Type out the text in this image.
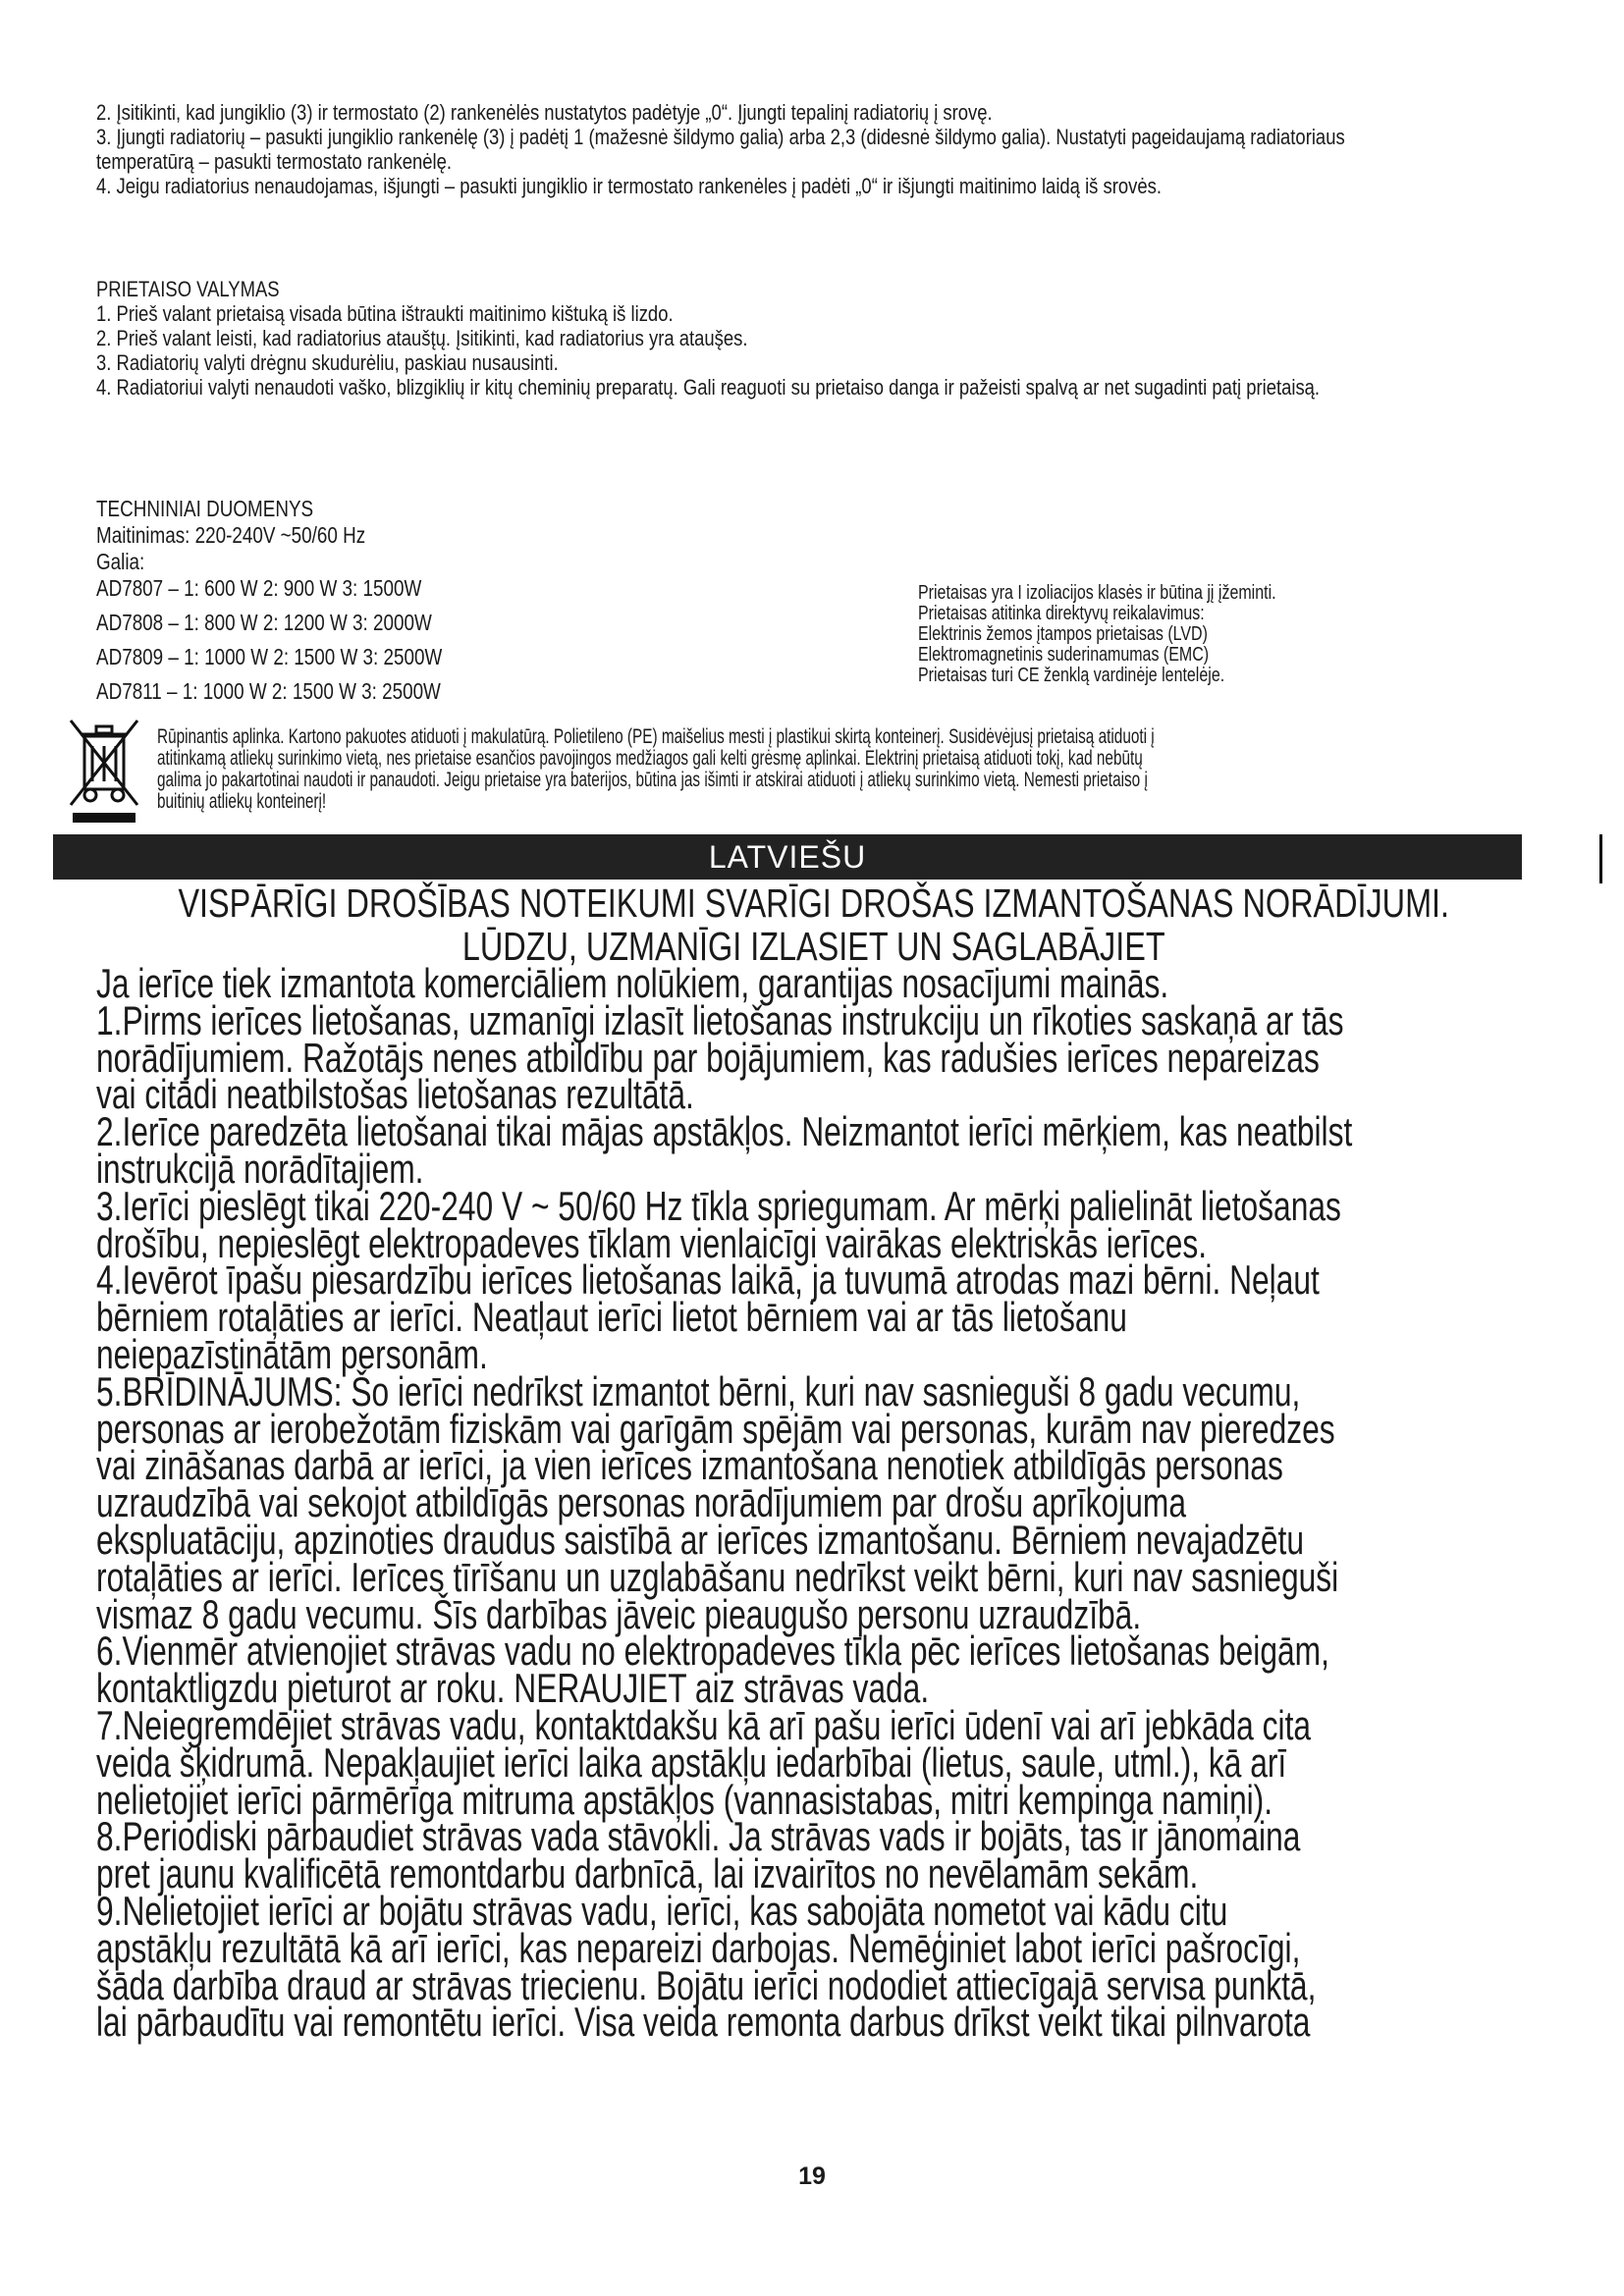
2. Įsitikinti, kad jungiklio (3) ir termostato (2) rankenėlės nustatytos padėtyje „0“. Įjungti tepalinį radiatorių į srovę.

3. Įjungti radiatorių – pasukti jungiklio rankenėlę (3) į padėtį 1 (mažesnė šildymo galia) arba 2,3 (didesnė šildymo galia). Nustatyti pageidaujamą radiatoriaus temperatūrą – pasukti termostato rankenėlę.

4. Jeigu radiatorius nenaudojamas, išjungti – pasukti jungiklio ir termostato rankenėles į padėti „0“ ir išjungti maitinimo laidą iš srovės.

PRIETAISO VALYMAS

1. Prieš valant prietaisą visada būtina ištraukti maitinimo kištuką iš lizdo.

2. Prieš valant leisti, kad radiatorius ataušt̨ų. Įsitikinti, kad radiatorius yra atauš̨es.

3. Radiatorių valyti drėgnu skudurėliu, paskiau nusausinti.

4. Radiatoriui valyti nenaudoti vaško, blizgiklių ir kitų cheminių preparatų. Gali reaguoti su prietaiso danga ir pažeisti spalvą ar net sugadinti patį prietaisą.

TECHNINIAI DUOMENYS

Maitinimas: 220-240V ~50/60 Hz

Galia:

AD7807 – 1: 600 W 2: 900 W 3: 1500W

AD7808 – 1: 800 W 2: 1200 W 3: 2000W

AD7809 – 1: 1000 W 2: 1500 W 3: 2500W

AD7811 – 1: 1000 W 2: 1500 W 3: 2500W

Prietaisas yra I izoliacijos klasės ir būtina jį įžeminti.

Prietaisas atitinka direktyvų reikalavimus:

Elektrinis žemos įtampos prietaisas (LVD)

Elektromagnetinis suderinamumas (EMC)

Prietaisas turi CE ženklą vardinėje lentelėje.

Rūpinantis aplinka. Kartono pakuotes atiduoti į makulatūrą. Polietileno (PE) maišelius mesti į plastikui skirtą konteinerį. Susidėvėjusį prietaisą atiduoti į
atitinkamą atliekų surinkimo vietą, nes prietaise esančios pavojingos medžiagos gali kelti grėsmę aplinkai. Elektrinį prietaisą atiduoti tokį, kad nebūtų
galima jo pakartotinai naudoti ir panaudoti. Jeigu prietaise yra baterijos, būtina jas išimti ir atskirai atiduoti į atliekų surinkimo vietą. Nemesti prietaiso į
buitinių atliekų konteinerį!
LATVIEŠU

VISPĀRĪGI DROŠĪBAS NOTEIKUMI SVARĪGI DROŠAS IZMANTOŠANAS NORĀDĪJUMI.

LŪDZU, UZMANĪGI IZLASIET UN SAGLABĀJIET

Ja ierīce tiek izmantota komerciāliem nolūkiem, garantijas nosacījumi mainās.

1.Pirms ierīces lietošanas, uzmanīgi izlasīt lietošanas instrukciju un rīkoties saskaņā ar tās

norādījumiem. Ražotājs nenes atbildību par bojājumiem, kas radušies ierīces nepareizas

vai citādi neatbilstošas lietošanas rezultātā.

2.Ierīce paredzēta lietošanai tikai mājas apstākļos. Neizmantot ierīci mērķiem, kas neatbilst

instrukcijā norādītajiem.

3.Ierīci pieslēgt tikai 220-240 V ~ 50/60 Hz tīkla spriegumam. Ar mērķi palielināt lietošanas

drošību, nepieslēgt elektropadeves tīklam vienlaicīgi vairākas elektriskās ierīces.

4.Ievērot īpašu piesardzību ierīces lietošanas laikā, ja tuvumā atrodas mazi bērni. Neļaut

bērniem rotaļāties ar ierīci. Neatļaut ierīci lietot bērniem vai ar tās lietošanu

neiepazīstinātām personām.

5.BRĪDINĀJUMS: Šo ierīci nedrīkst izmantot bērni, kuri nav sasnieguši 8 gadu vecumu,

personas ar ierobežotām fiziskām vai garīgām spējām vai personas, kurām nav pieredzes

vai zināšanas darbā ar ierīci, ja vien ierīces izmantošana nenotiek atbildīgās personas

uzraudzībā vai sekojot atbildīgās personas norādījumiem par drošu aprīkojuma

ekspluatāciju, apzinoties draudus saistībā ar ierīces izmantošanu. Bērniem nevajadzētu

rotaļāties ar ierīci. Ierīces tīrīšanu un uzglabāšanu nedrīkst veikt bērni, kuri nav sasnieguši

vismaz 8 gadu vecumu. Šīs darbības jāveic pieaugušo personu uzraudzībā.

6.Vienmēr atvienojiet strāvas vadu no elektropadeves tīkla pēc ierīces lietošanas beigām,

kontaktligzdu pieturot ar roku. NERAUJIET aiz strāvas vada.

7.Neiegremdējiet strāvas vadu, kontaktdakšu kā arī pašu ierīci ūdenī vai arī jebkāda cita

veida šķidrumā. Nepakļaujiet ierīci laika apstākļu iedarbībai (lietus, saule, utml.), kā arī

nelietojiet ierīci pārmērīga mitruma apstākļos (vannasistabas, mitri kempinga namiņi).

8.Periodiski pārbaudiet strāvas vada stāvokli. Ja strāvas vads ir bojāts, tas ir jānomaina

pret jaunu kvalificētā remontdarbu darbnīcā, lai izvairītos no nevēlamām sekām.

9.Nelietojiet ierīci ar bojātu strāvas vadu, ierīci, kas sabojāta nometot vai kādu citu

apstākļu rezultātā kā arī ierīci, kas nepareizi darbojas. Nemēģiniet labot ierīci pašrocīgi,

šāda darbība draud ar strāvas triecienu. Bojātu ierīci nododiet attiecīgajā servisa punktā,

lai pārbaudītu vai remontētu ierīci. Visa veida remonta darbus drīkst veikt tikai pilnvarota

19
